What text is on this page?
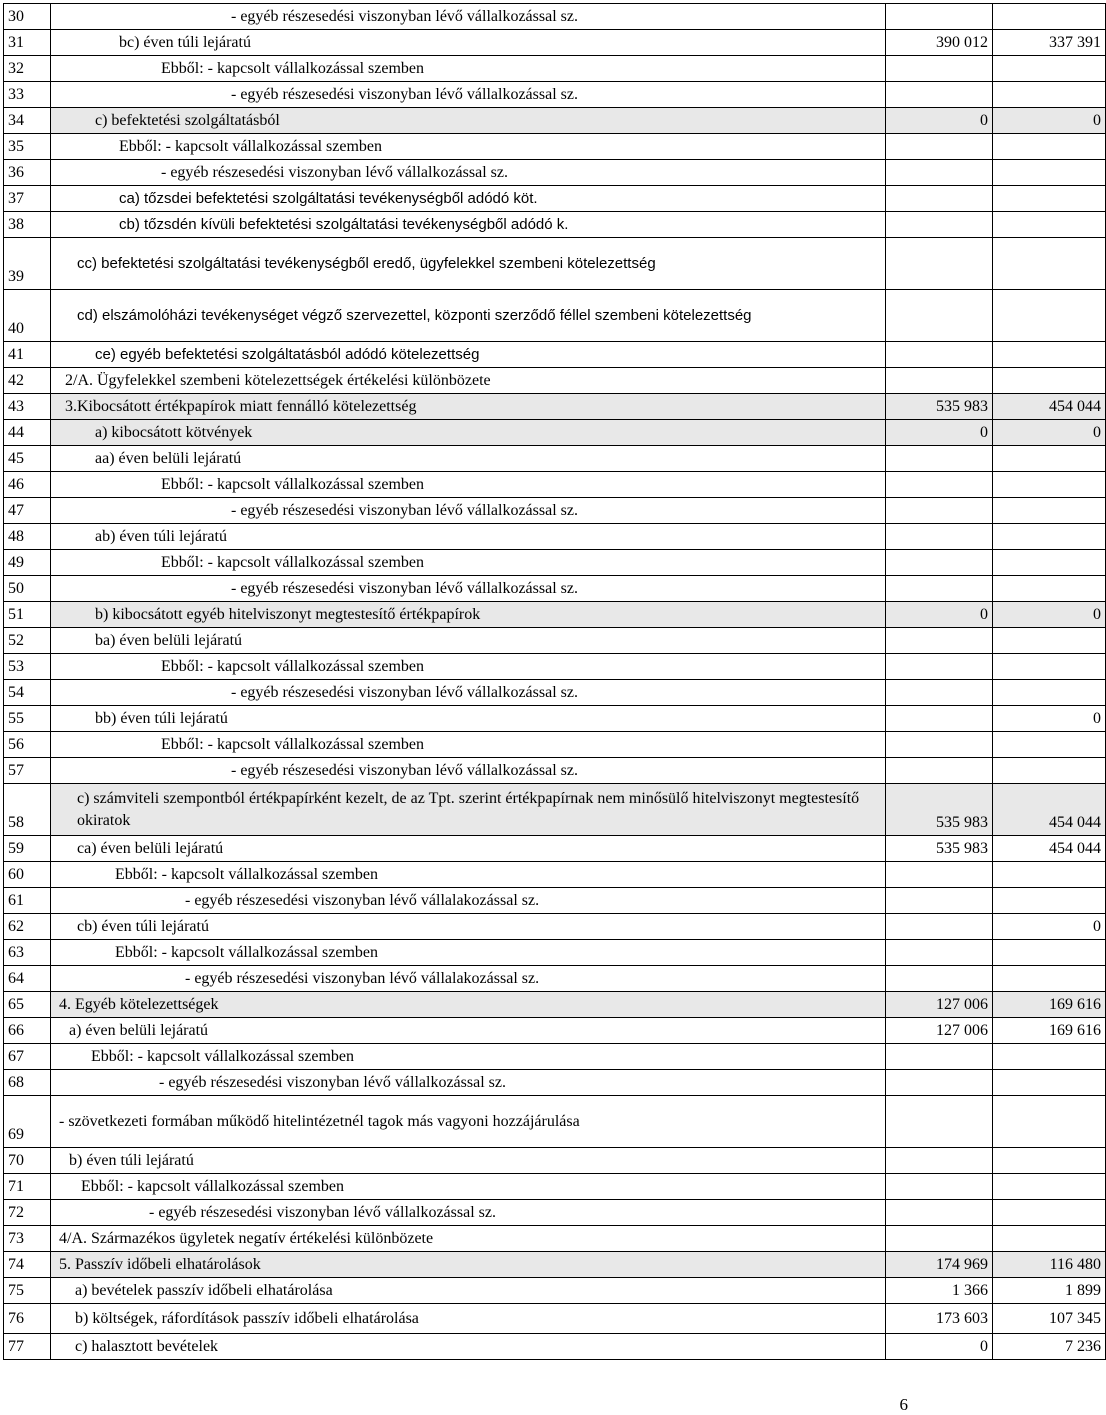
30	- egyéb részesedési viszonyban lévő vállalkozással sz.		
31	bc) éven túli lejáratú	390 012	337 391
32	Ebből: - kapcsolt vállalkozással szemben		
33	- egyéb részesedési viszonyban lévő vállalkozással sz.		
34	c) befektetési szolgáltatásból	0	0
35	Ebből: - kapcsolt vállalkozással szemben		
36	- egyéb részesedési viszonyban lévő vállalkozással sz.		
37	ca) tőzsdei befektetési szolgáltatási tevékenységből adódó köt.		
38	cb) tőzsdén kívüli befektetési szolgáltatási tevékenységből adódó k.		
39	cc) befektetési szolgáltatási tevékenységből eredő, ügyfelekkel szembeni kötelezettség		
40	cd) elszámolóházi tevékenységet végző szervezettel, központi szerződő féllel szembeni kötelezettség		
41	ce) egyéb befektetési szolgáltatásból adódó kötelezettség		
42	2/A. Ügyfelekkel szembeni kötelezettségek értékelési különbözete		
43	3.Kibocsátott értékpapírok miatt fennálló kötelezettség	535 983	454 044
44	a) kibocsátott kötvények	0	0
45	aa) éven belüli lejáratú		
46	Ebből: - kapcsolt vállalkozással szemben		
47	- egyéb részesedési viszonyban lévő vállalkozással sz.		
48	ab) éven túli lejáratú		
49	Ebből: - kapcsolt vállalkozással szemben		
50	- egyéb részesedési viszonyban lévő vállalkozással sz.		
51	b) kibocsátott egyéb hitelviszonyt megtestesítő értékpapírok	0	0
52	ba) éven belüli lejáratú		
53	Ebből: - kapcsolt vállalkozással szemben		
54	- egyéb részesedési viszonyban lévő vállalkozással sz.		
55	bb) éven túli lejáratú		0
56	Ebből: - kapcsolt vállalkozással szemben		
57	- egyéb részesedési viszonyban lévő vállalkozással sz.		
58	c) számviteli szempontból értékpapírként kezelt, de az Tpt. szerint értékpapírnak nem minősülő hitelviszonyt megtestesítő okiratok	535 983	454 044
59	ca) éven belüli lejáratú	535 983	454 044
60	Ebből: - kapcsolt vállalkozással szemben		
61	- egyéb részesedési viszonyban lévő vállalakozással sz.		
62	cb) éven túli lejáratú		0
63	Ebből: - kapcsolt vállalkozással szemben		
64	- egyéb részesedési viszonyban lévő vállalakozással sz.		
65	4. Egyéb kötelezettségek	127 006	169 616
66	a) éven belüli lejáratú	127 006	169 616
67	Ebből: - kapcsolt vállalkozással szemben		
68	- egyéb részesedési viszonyban lévő vállalkozással sz.		
69	- szövetkezeti formában működő hitelintézetnél tagok más vagyoni hozzájárulása		
70	b) éven túli lejáratú		
71	Ebből: - kapcsolt vállalkozással szemben		
72	- egyéb részesedési viszonyban lévő vállalkozással sz.		
73	4/A. Származékos ügyletek negatív értékelési különbözete		
74	5. Passzív időbeli elhatárolások	174 969	116 480
75	a) bevételek passzív időbeli elhatárolása	1 366	1 899
76	b) költségek, ráfordítások passzív időbeli elhatárolása	173 603	107 345
77	c) halasztott bevételek	0	7 236
6
